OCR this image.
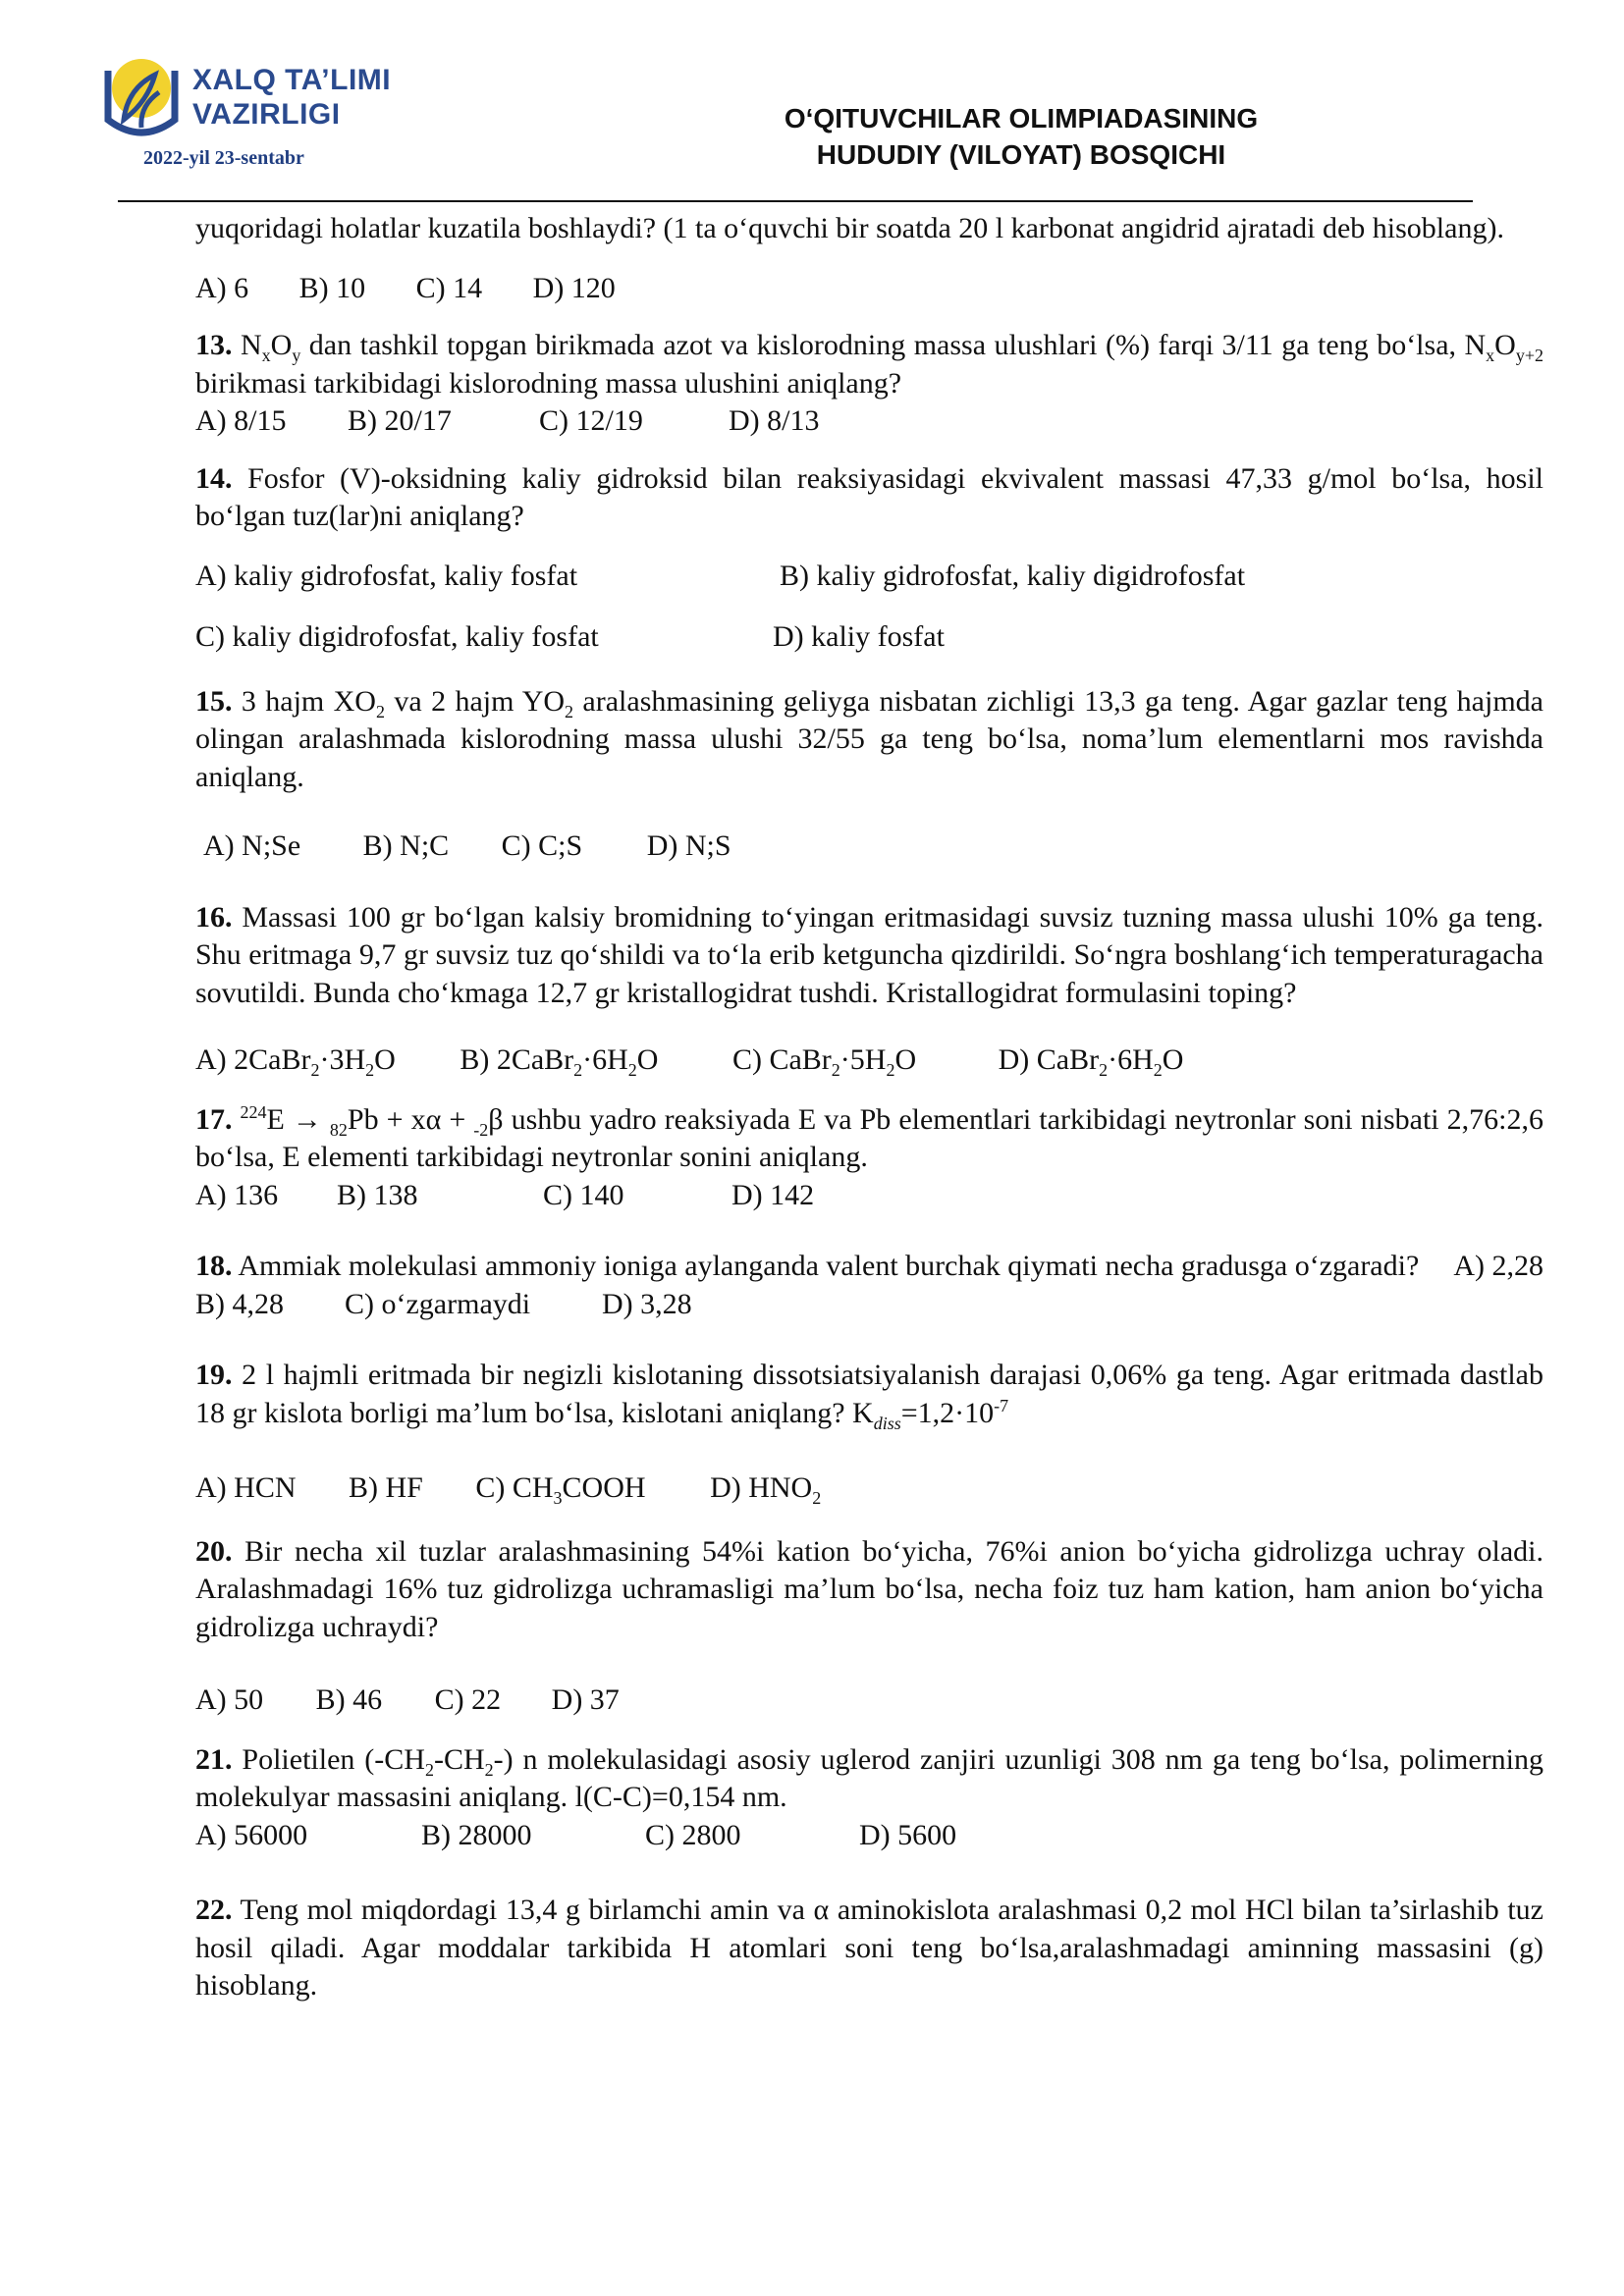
XALQ TA’LIMI
VAZIRLIGI
2022-yil 23-sentabr
O‘QITUVCHILAR OLIMPIADASINING
HUDUDIY (VILOYAT) BOSQICHI

yuqoridagi holatlar kuzatila boshlaydi? (1 ta o‘quvchi bir soatda 20 l karbonat angidrid ajratadi deb hisoblang).

A) 6 B) 10 C) 14 D) 120

13. $N_xO_y$ dan tashkil topgan birikmada azot va kislorodning massa ulushlari (%) farqi 3/11 ga teng bo‘lsa, $N_xO_{y+2}$ birikmasi tarkibidagi kislorodning massa ulushini aniqlang?

A) 8/15 B) 20/17	C) 12/19	D) 8/13

14. Fosfor (V)-oksidning kaliy gidroksid bilan reaksiyasidagi ekvivalent massasi 47,33 g/mol bo‘lsa, hosil bo‘lgan tuz(lar)ni aniqlang?

A) kaliy gidrofosfat, kaliy fosfat	B) kaliy gidrofosfat, kaliy digidrofosfat
C) kaliy digidrofosfat, kaliy fosfat	D) kaliy fosfat

15. 3 hajm $XO_2$ va 2 hajm $YO_2$ aralashmasining geliyga nisbatan zichligi 13,3 ga teng. Agar gazlar teng hajmda olingan aralashmada kislorodning massa ulushi 32/55 ga teng bo‘lsa, noma’lum elementlarni mos ravishda aniqlang.

A) N;Se B) N;C C) C;S D) N;S

16. Massasi 100 gr bo‘lgan kalsiy bromidning to‘yingan eritmasidagi suvsiz tuzning massa ulushi 10% ga teng. Shu eritmaga 9,7 gr suvsiz tuz qo‘shildi va to‘la erib ketguncha qizdirildi. So‘ngra boshlang‘ich temperaturagacha sovutildi. Bunda cho‘kmaga 12,7 gr kristallogidrat tushdi. Kristallogidrat formulasini toping?

A) $2CaBr_2\cdot 3H_2O$ B) $2CaBr_2\cdot 6H_2O$	C) $CaBr_2\cdot 5H_2O$	D) $CaBr_2\cdot 6H_2O$

17. $^{224}$E → $_{82}$Pb + xα + $_{-2}$β ushbu yadro reaksiyada E va Pb elementlari tarkibidagi neytronlar soni nisbati 2,76:2,6 bo‘lsa, E elementi tarkibidagi neytronlar sonini aniqlang.

A) 136 B) 138	C) 140	D) 142

18. Ammiak molekulasi ammoniy ioniga aylanganda valent burchak qiymati necha gradusga o‘zgaradi? A) 2,28

B) 4,28 C) o‘zgarmaydi D) 3,28

19. 2 l hajmli eritmada bir negizli kislotaning dissotsiatsiyalanish darajasi 0,06% ga teng. Agar eritmada dastlab 18 gr kislota borligi ma’lum bo‘lsa, kislotani aniqlang? $K_{diss}=1,2\cdot 10^{-7}$

A) HCN B) HF C) $CH_3COOH$ D) $HNO_2$

20. Bir necha xil tuzlar aralashmasining 54%i kation bo‘yicha, 76%i anion bo‘yicha gidrolizga uchray oladi. Aralashmadagi 16% tuz gidrolizga uchramasligi ma’lum bo‘lsa, necha foiz tuz ham kation, ham anion bo‘yicha gidrolizga uchraydi?

A) 50 B) 46 C) 22 D) 37

21. Polietilen $(-CH_2-CH_2-)$ n molekulasidagi asosiy uglerod zanjiri uzunligi 308 nm ga teng bo‘lsa, polimerning molekulyar massasini aniqlang. l(C-C)=0,154 nm.

A) 56000	B) 28000	C) 2800	D) 5600

22. Teng mol miqdordagi 13,4 g birlamchi amin va α aminokislota aralashmasi 0,2 mol HCl bilan ta’sirlashib tuz hosil qiladi. Agar moddalar tarkibida H atomlari soni teng bo‘lsa,aralashmadagi aminning massasini (g) hisoblang.
